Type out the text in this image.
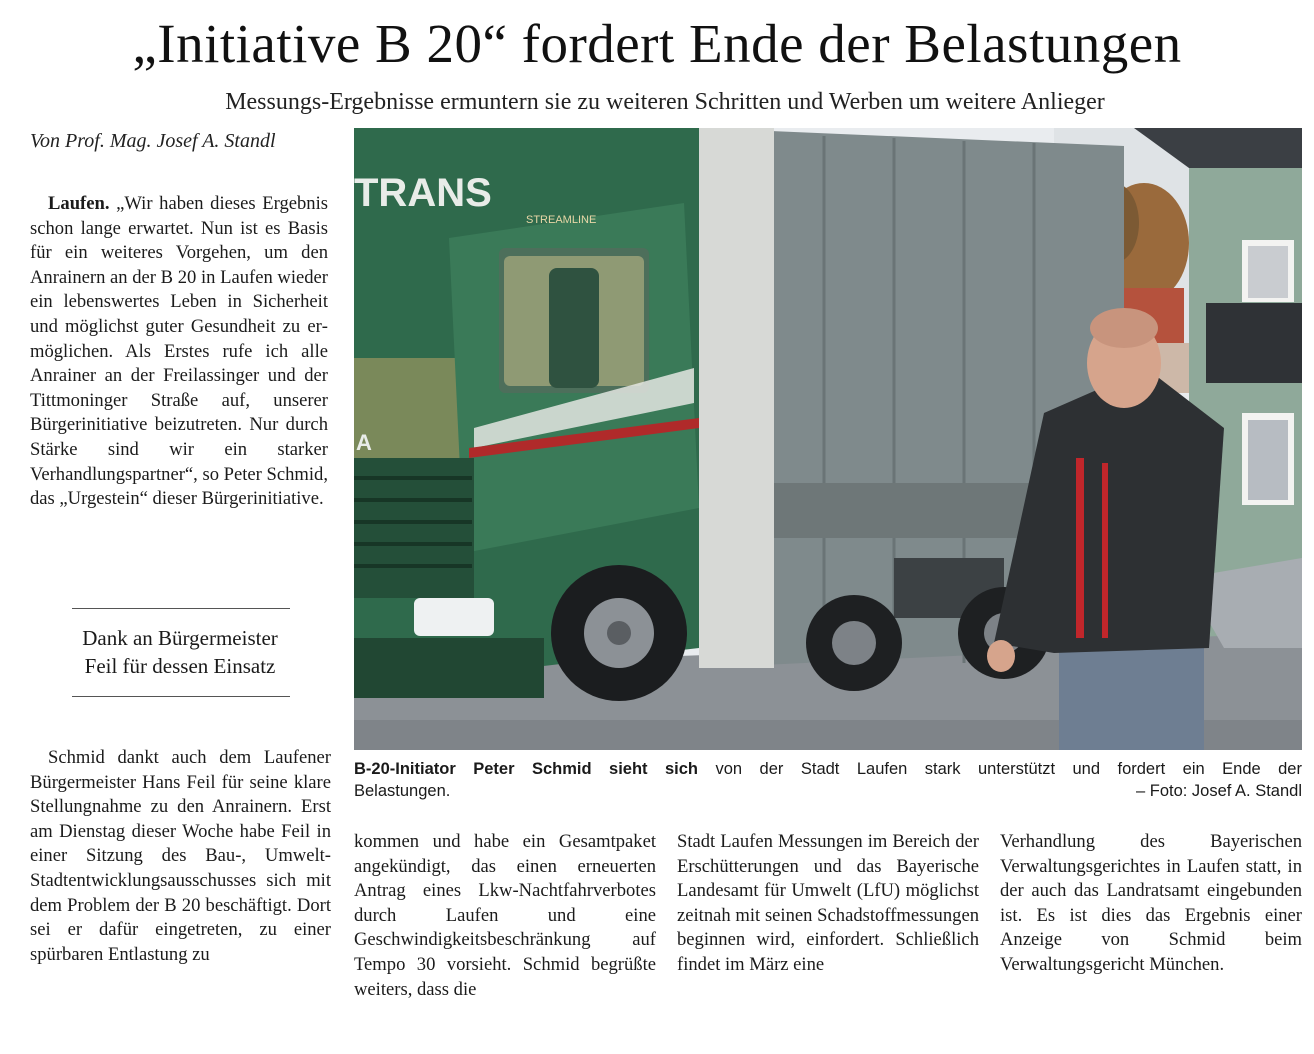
„Initiative B 20“ fordert Ende der Belastungen
Messungs-Ergebnisse ermuntern sie zu weiteren Schritten und Werben um weitere Anlieger
Von Prof. Mag. Josef A. Standl

Laufen. „Wir haben dieses Ergebnis schon lange erwartet. Nun ist es Basis für ein weiteres Vorgehen, um den Anrainern an der B 20 in Laufen wieder ein lebenswertes Leben in Sicherheit und möglichst guter Gesundheit zu ermöglichen. Als Erstes rufe ich alle Anrainer an der Freilassinger und der Tittmoninger Straße auf, unserer Bürgerinitiative beizutreten. Nur durch Stärke sind wir ein starker Verhandlungspartner“, so Peter Schmid, das „Urgestein“ dieser Bürgerinitiative.

Dank an Bürgermeister
Feil für dessen Einsatz

Schmid dankt auch dem Laufener Bürgermeister Hans Feil für seine klare Stellungnahme zu den Anrainern. Erst am Dienstag dieser Woche habe Feil in einer Sitzung des Bau-, Umwelt- Stadtentwicklungsausschusses sich mit dem Problem der B 20 beschäftigt. Dort sei er dafür eingetreten, zu einer spürbaren Entlastung zu

TRANS
STREAMLINE
A
B-20-Initiator Peter Schmid sieht sich von der Stadt Laufen stark unterstützt und fordert ein Ende der
Belastungen.	– Foto: Josef A. Standl

kommen und habe ein Gesamtpaket angekündigt, das einen erneuerten Antrag eines Lkw-Nachtfahrverbotes durch Laufen und eine Geschwindigkeitsbeschränkung auf Tempo 30 vorsieht. Schmid begrüßte weiters, dass die

Stadt Laufen Messungen im Bereich der Erschütterungen und das Bayerische Landesamt für Umwelt (LfU) möglichst zeitnah mit seinen Schadstoffmessungen beginnen wird, einfordert. Schließlich findet im März eine

Verhandlung des Bayerischen Verwaltungsgerichtes in Laufen statt, in der auch das Landratsamt eingebunden ist. Es ist dies das Ergebnis einer Anzeige von Schmid beim Verwaltungsgericht München.
